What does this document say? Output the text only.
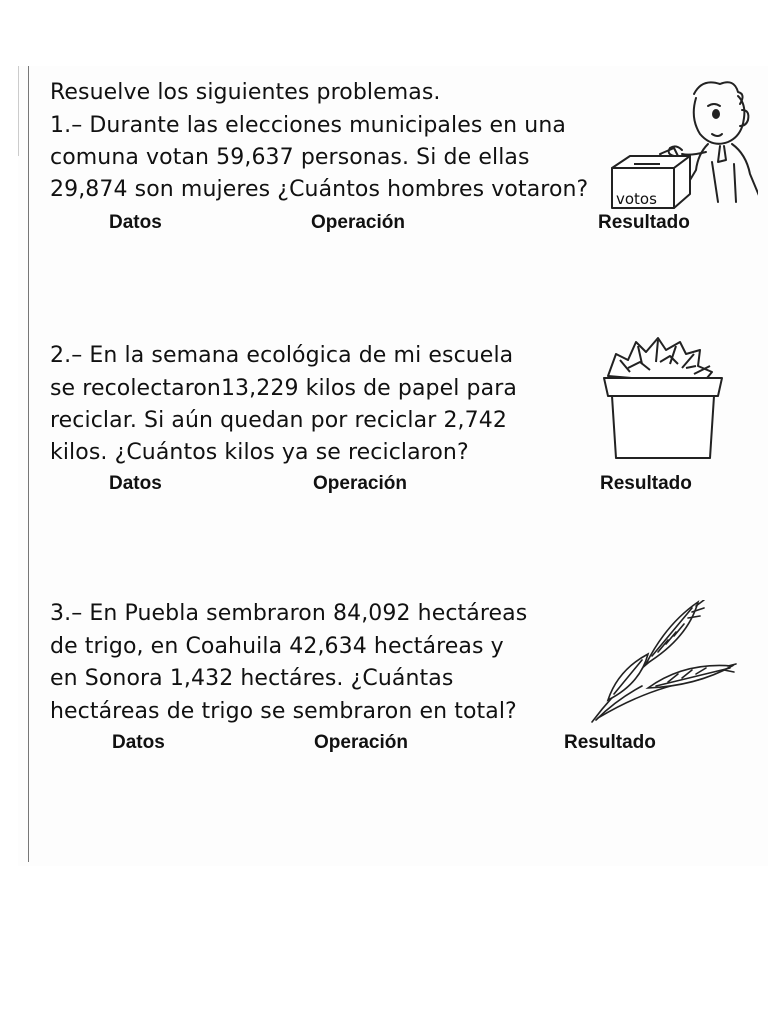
Resuelve los siguientes problemas.

1.– Durante las elecciones municipales en una

comuna votan 59,637 personas. Si de ellas

29,874 son mujeres ¿Cuántos hombres votaron?

Datos	Operación	Resultado
votos

2.– En la semana ecológica de mi escuela

se recolectaron13,229 kilos de papel para

reciclar. Si aún quedan por reciclar 2,742

kilos. ¿Cuántos kilos ya se reciclaron?

Datos	Operación	Resultado

3.– En Puebla sembraron 84,092 hectáreas

de trigo, en Coahuila 42,634 hectáreas y

en Sonora 1,432 hectáres. ¿Cuántas

hectáreas de trigo se sembraron en total?

Datos	Operación	Resultado
